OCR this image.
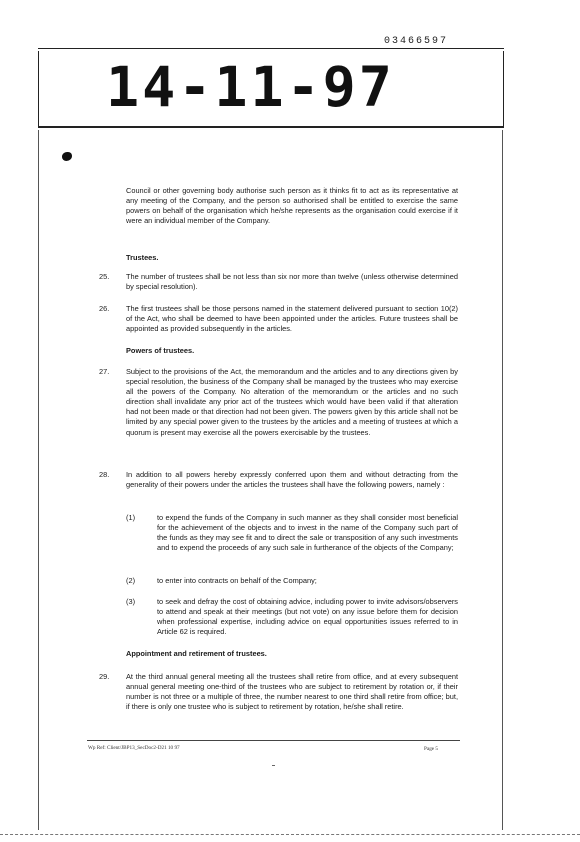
03466597
14-11-97
Council or other governing body authorise such person as it thinks fit to act as its representative at any meeting of the Company, and the person so authorised shall be entitled to exercise the same powers on behalf of the organisation which he/she represents as the organisation could exercise if it were an individual member of the Company.
Trustees.
25.	The number of trustees shall be not less than six nor more than twelve (unless otherwise determined by special resolution).
26.	The first trustees shall be those persons named in the statement delivered pursuant to section 10(2) of the Act, who shall be deemed to have been appointed under the articles. Future trustees shall be appointed as provided subsequently in the articles.
Powers of trustees.
27.	Subject to the provisions of the Act, the memorandum and the articles and to any directions given by special resolution, the business of the Company shall be managed by the trustees who may exercise all the powers of the Company. No alteration of the memorandum or the articles and no such direction shall invalidate any prior act of the trustees which would have been valid if that alteration had not been made or that direction had not been given. The powers given by this article shall not be limited by any special power given to the trustees by the articles and a meeting of trustees at which a quorum is present may exercise all the powers exercisable by the trustees.
28.	In addition to all powers hereby expressly conferred upon them and without detracting from the generality of their powers under the articles the trustees shall have the following powers, namely :
(1)	to expend the funds of the Company in such manner as they shall consider most beneficial for the achievement of the objects and to invest in the name of the Company such part of the funds as they may see fit and to direct the sale or transposition of any such investments and to expend the proceeds of any such sale in furtherance of the objects of the Company;
(2)	to enter into contracts on behalf of the Company;
(3)	to seek and defray the cost of obtaining advice, including power to invite advisors/observers to attend and speak at their meetings (but not vote) on any issue before them for decision when professional expertise, including advice on equal opportunities issues referred to in Article 62 is required.
Appointment and retirement of trustees.
29.	At the third annual general meeting all the trustees shall retire from office, and at every subsequent annual general meeting one-third of the trustees who are subject to retirement by rotation or, if their number is not three or a multiple of three, the number nearest to one third shall retire from office; but, if there is only one trustee who is subject to retirement by rotation, he/she shall retire.
Wp Ref: Client/JBP13_SecDoc2-D21 10 97	Page 5
